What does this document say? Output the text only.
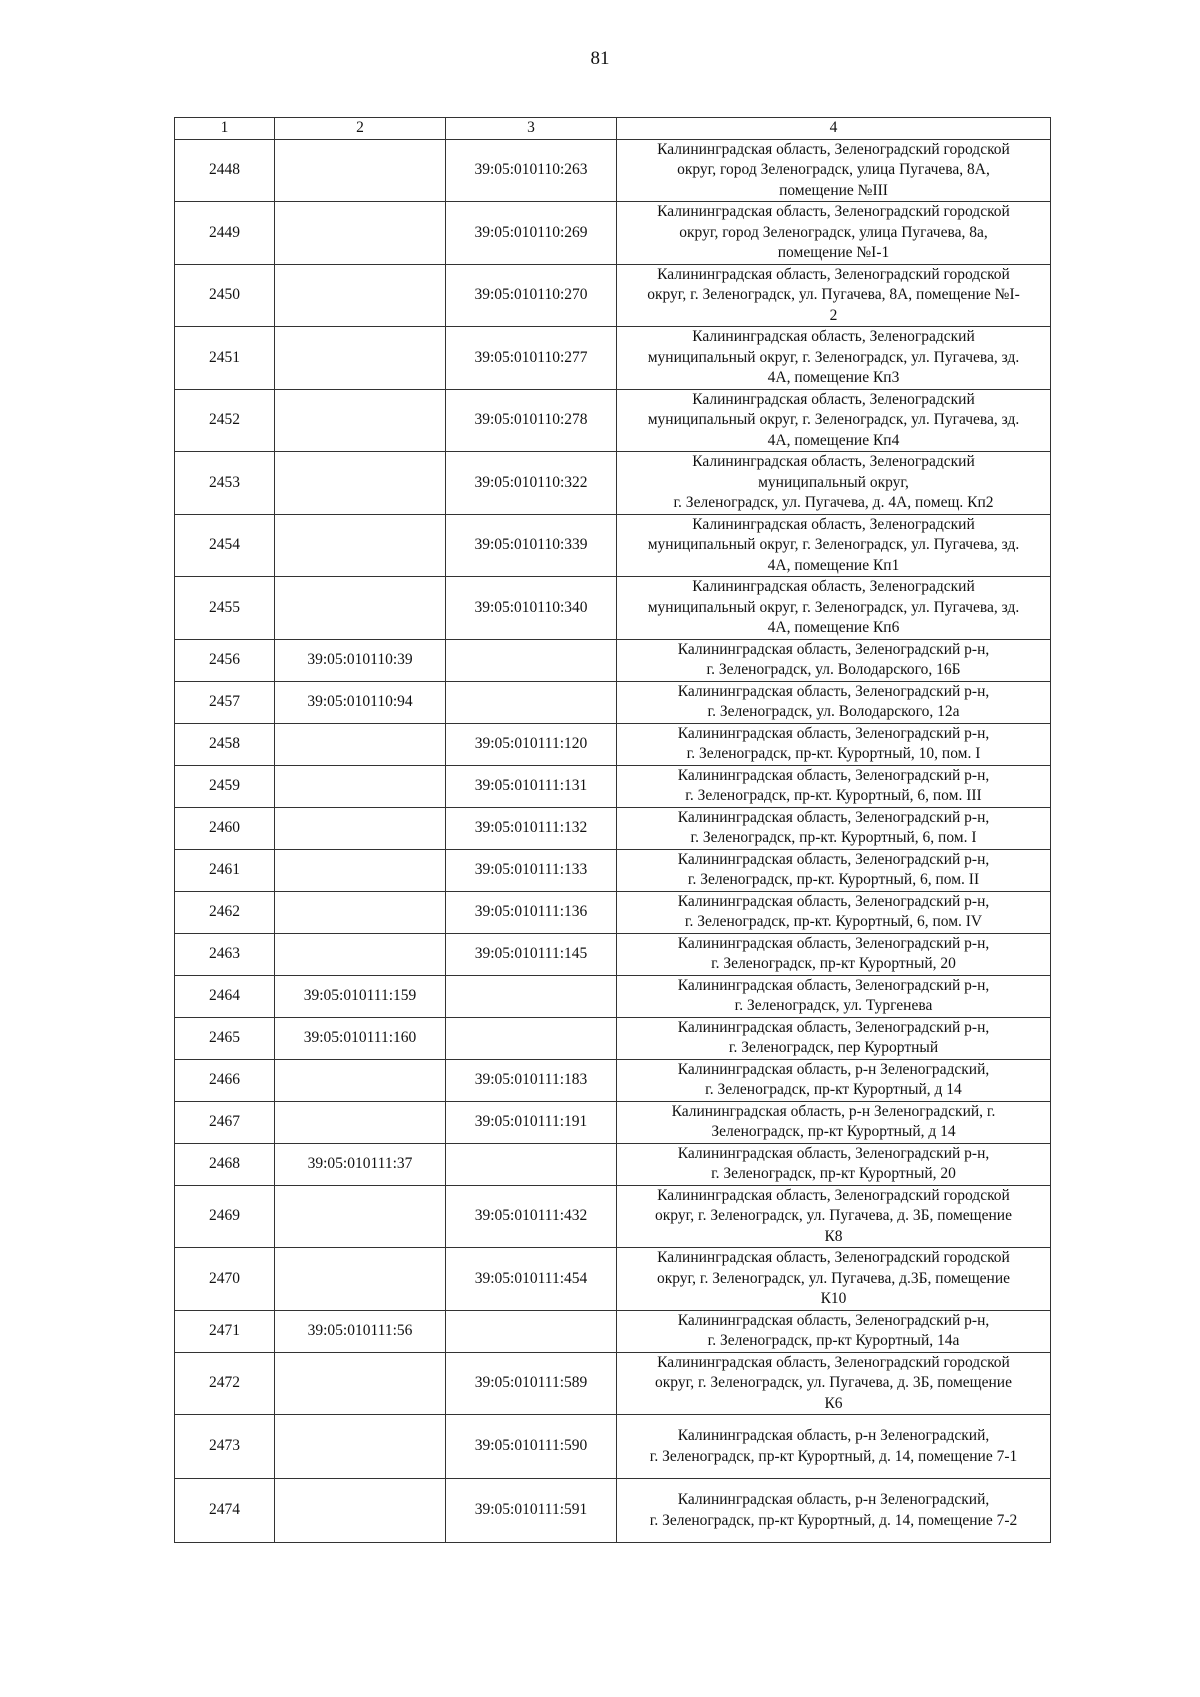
81
1	2	3	4
2448		39:05:010110:263	Калининградская область, Зеленоградский городской
округ, город Зеленоградск, улица Пугачева, 8А,
помещение №III

2449		39:05:010110:269	Калининградская область, Зеленоградский городской
округ, город Зеленоградск, улица Пугачева, 8а,
помещение №I-1

2450		39:05:010110:270	Калининградская область, Зеленоградский городской
округ, г. Зеленоградск, ул. Пугачева, 8А, помещение №I-
2

2451		39:05:010110:277	Калининградская область, Зеленоградский
муниципальный округ, г. Зеленоградск, ул. Пугачева, зд.
4А, помещение Кп3

2452		39:05:010110:278	Калининградская область, Зеленоградский
муниципальный округ, г. Зеленоградск, ул. Пугачева, зд.
4А, помещение Кп4

2453		39:05:010110:322	Калининградская область, Зеленоградский
муниципальный округ,
г. Зеленоградск, ул. Пугачева, д. 4А, помещ. Кп2

2454		39:05:010110:339	Калининградская область, Зеленоградский
муниципальный округ, г. Зеленоградск, ул. Пугачева, зд.
4А, помещение Кп1

2455		39:05:010110:340	Калининградская область, Зеленоградский
муниципальный округ, г. Зеленоградск, ул. Пугачева, зд.
4А, помещение Кп6

2456	39:05:010110:39		Калининградская область, Зеленоградский р-н,
г. Зеленоградск, ул. Володарского, 16Б

2457	39:05:010110:94		Калининградская область, Зеленоградский р-н,
г. Зеленоградск, ул. Володарского, 12а

2458		39:05:010111:120	Калининградская область, Зеленоградский р-н,
г. Зеленоградск, пр-кт. Курортный, 10, пом. I

2459		39:05:010111:131	Калининградская область, Зеленоградский р-н,
г. Зеленоградск, пр-кт. Курортный, 6, пом. III

2460		39:05:010111:132	Калининградская область, Зеленоградский р-н,
г. Зеленоградск, пр-кт. Курортный, 6, пом. I

2461		39:05:010111:133	Калининградская область, Зеленоградский р-н,
г. Зеленоградск, пр-кт. Курортный, 6, пом. II

2462		39:05:010111:136	Калининградская область, Зеленоградский р-н,
г. Зеленоградск, пр-кт. Курортный, 6, пом. IV

2463		39:05:010111:145	Калининградская область, Зеленоградский р-н,
г. Зеленоградск, пр-кт Курортный, 20

2464	39:05:010111:159		Калининградская область, Зеленоградский р-н,
г. Зеленоградск, ул. Тургенева

2465	39:05:010111:160		Калининградская область, Зеленоградский р-н,
г. Зеленоградск, пер Курортный

2466		39:05:010111:183	Калининградская область, р-н Зеленоградский,
г. Зеленоградск, пр-кт Курортный, д 14

2467		39:05:010111:191	Калининградская область, р-н Зеленоградский, г.
Зеленоградск, пр-кт Курортный, д 14

2468	39:05:010111:37		Калининградская область, Зеленоградский р-н,
г. Зеленоградск, пр-кт Курортный, 20

2469		39:05:010111:432	Калининградская область, Зеленоградский городской
округ, г. Зеленоградск, ул. Пугачева, д. 3Б, помещение
К8

2470		39:05:010111:454	Калининградская область, Зеленоградский городской
округ, г. Зеленоградск, ул. Пугачева, д.3Б, помещение
К10

2471	39:05:010111:56		Калининградская область, Зеленоградский р-н,
г. Зеленоградск, пр-кт Курортный, 14а

2472		39:05:010111:589	Калининградская область, Зеленоградский городской
округ, г. Зеленоградск, ул. Пугачева, д. 3Б, помещение
К6

2473		39:05:010111:590	Калининградская область, р-н Зеленоградский,
г. Зеленоградск, пр-кт Курортный, д. 14, помещение 7-1

2474		39:05:010111:591	Калининградская область, р-н Зеленоградский,
г. Зеленоградск, пр-кт Курортный, д. 14, помещение 7-2
